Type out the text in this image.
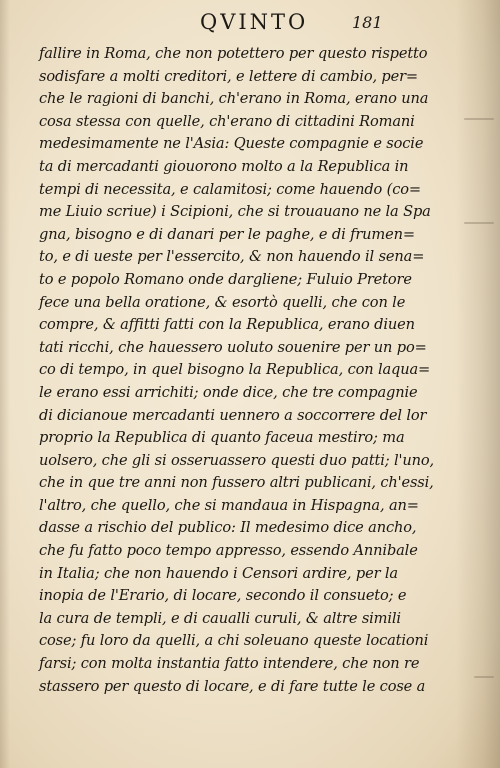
QVINTO	181
fallire in Roma, che non potettero per questo rispetto
sodisfare a molti creditori, e lettere di cambio, per=
che le ragioni di banchi, ch'erano in Roma, erano una
cosa stessa con quelle, ch'erano di cittadini Romani
medesimamente ne l'Asia: Queste compagnie e socie
ta di mercadanti giouorono molto a la Republica in
tempi di necessita, e calamitosi; come hauendo (co=
me Liuio scriue) i Scipioni, che si trouauano ne la Spa
gna, bisogno e di danari per le paghe, e di frumen=
to, e di ueste per l'essercito, & non hauendo il sena=
to e popolo Romano onde dargliene; Fuluio Pretore
fece una bella oratione, & esortò quelli, che con le
compre, & affitti fatti con la Republica, erano diuen
tati ricchi, che hauessero uoluto souenire per un po=
co di tempo, in quel bisogno la Republica, con laqua=
le erano essi arrichiti; onde dice, che tre compagnie
di dicianoue mercadanti uennero a soccorrere del lor
proprio la Republica di quanto faceua mestiro; ma
uolsero, che gli si osseruassero questi duo patti; l'uno,
che in que tre anni non fussero altri publicani, ch'essi,
l'altro, che quello, che si mandaua in Hispagna, an=
dasse a rischio del publico: Il medesimo dice ancho,
che fu fatto poco tempo appresso, essendo Annibale
in Italia; che non hauendo i Censori ardire, per la
inopia de l'Erario, di locare, secondo il consueto; e
la cura de templi, e di caualli curuli, & altre simili
cose; fu loro da quelli, a chi soleuano queste locationi
farsi; con molta instantia fatto intendere, che non re
stassero per questo di locare, e di fare tutte le cose a
